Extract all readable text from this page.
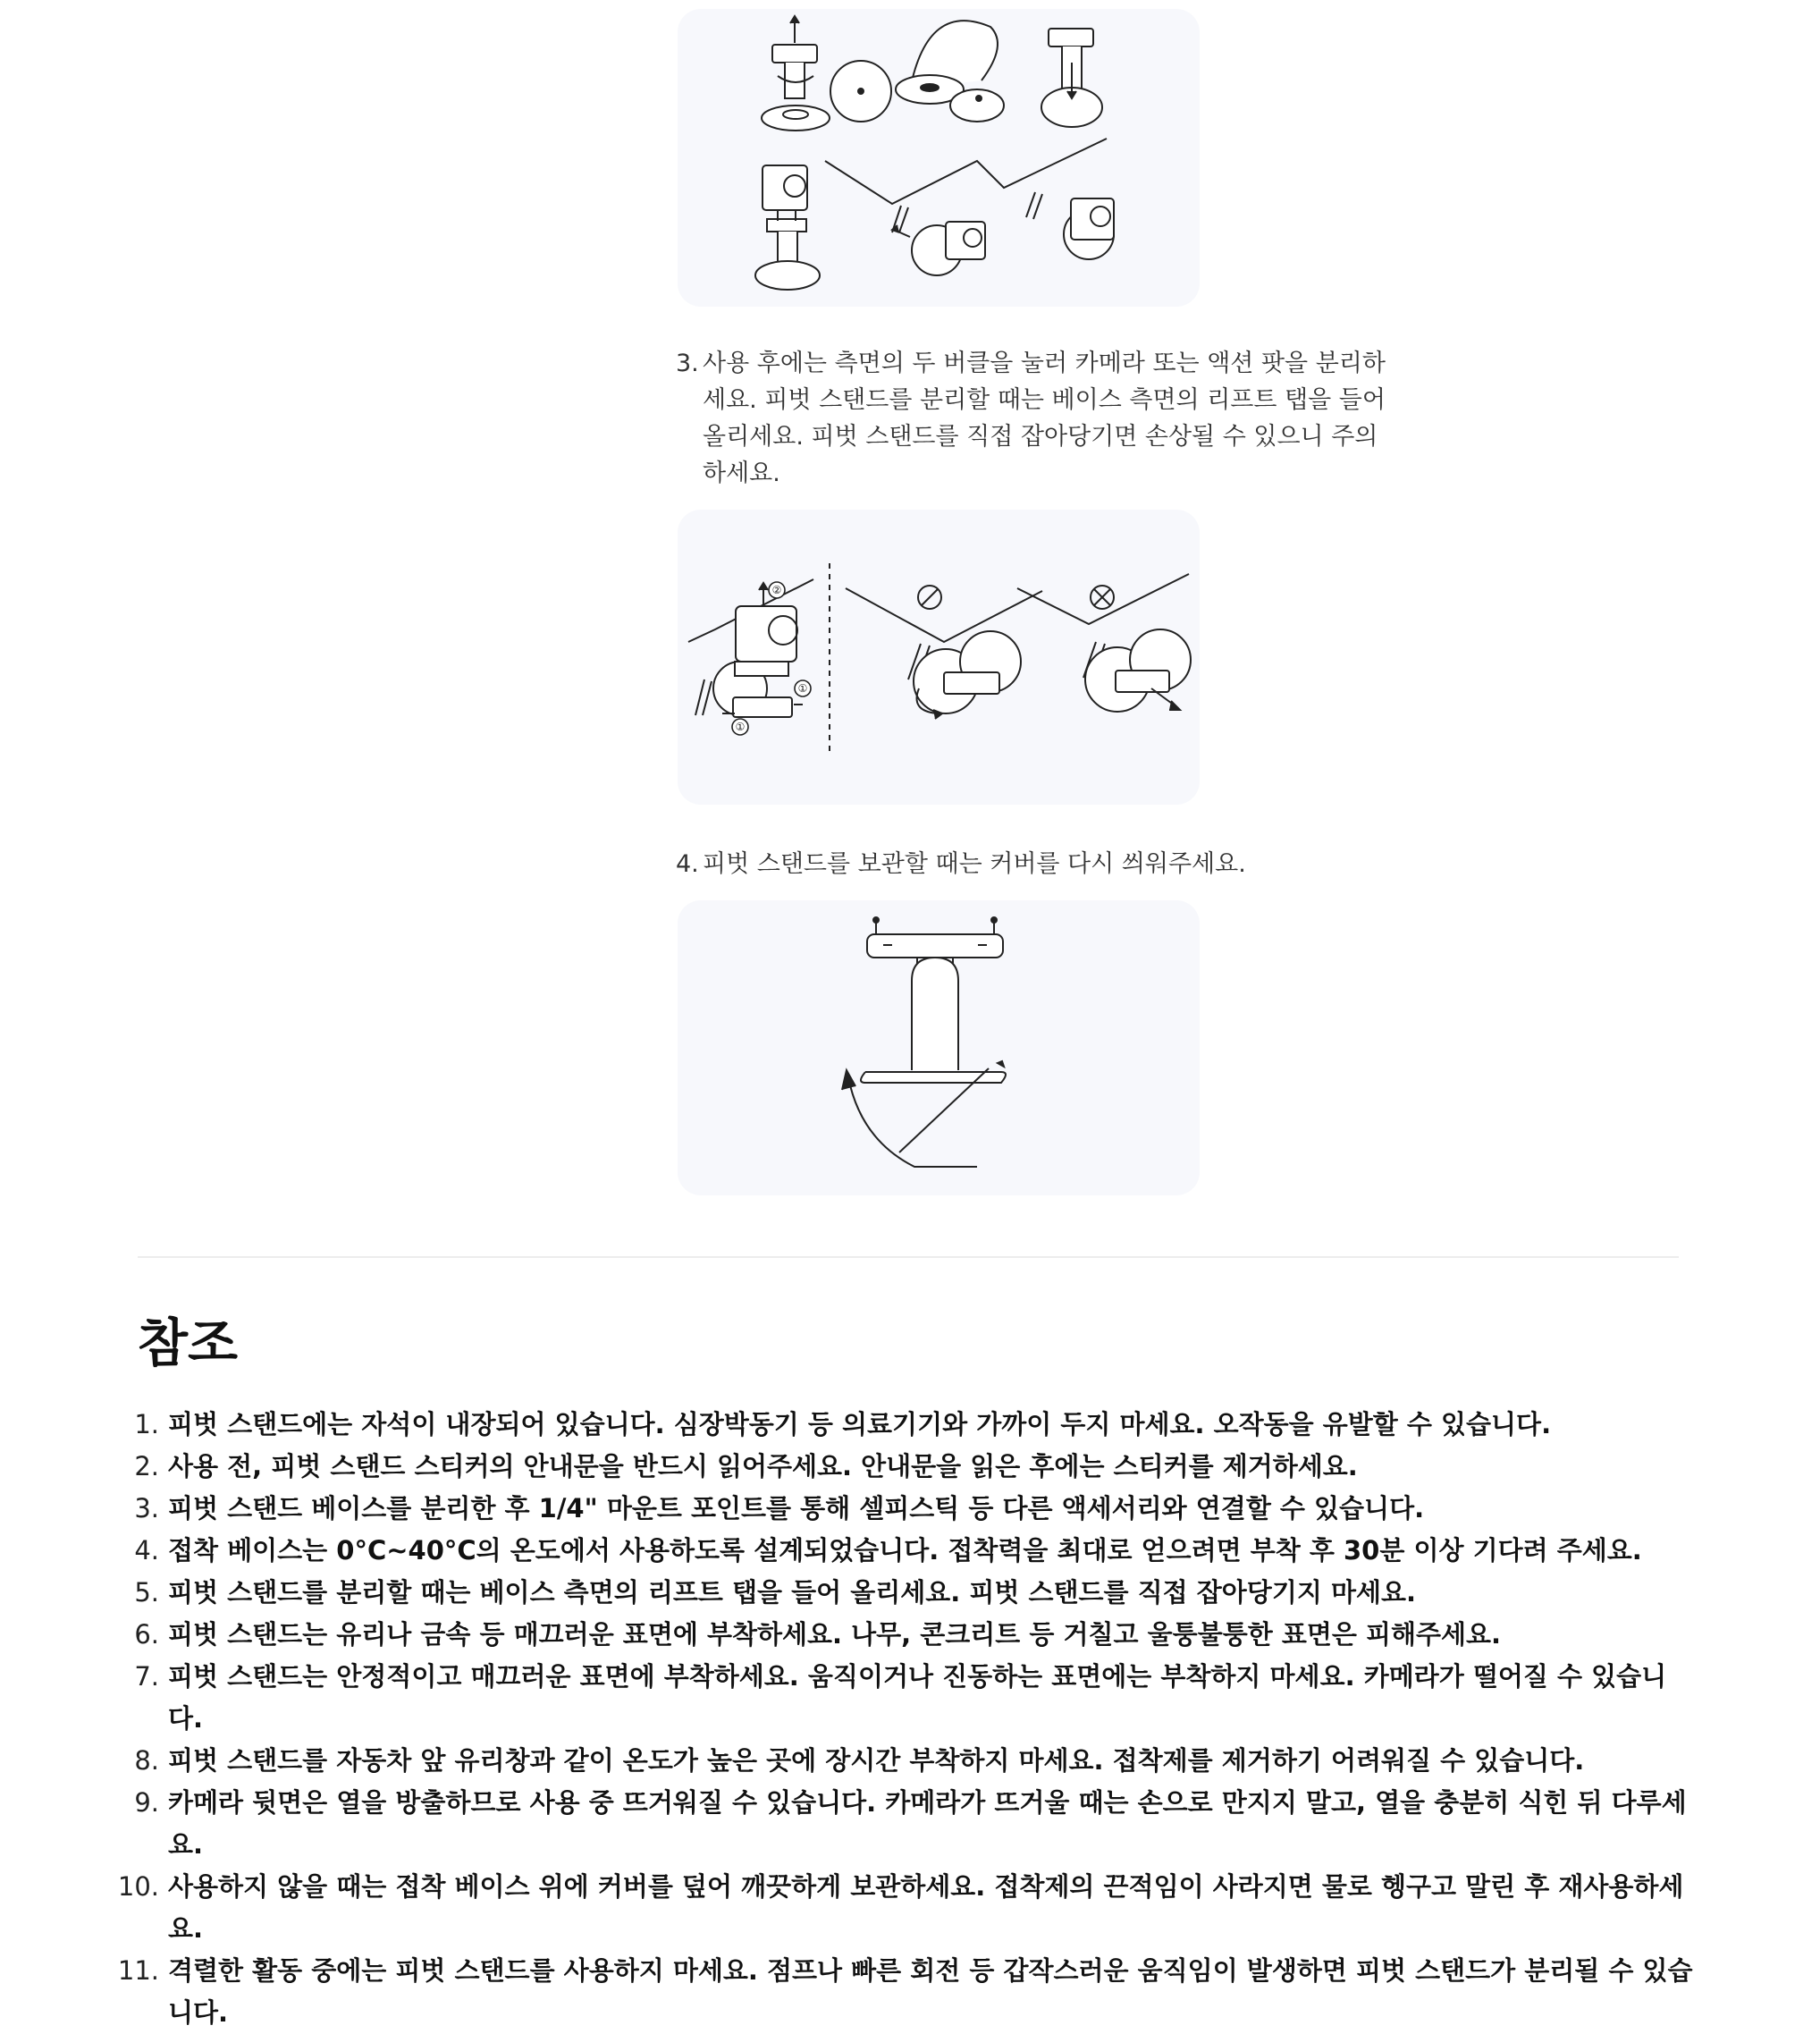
3. 사용 후에는 측면의 두 버클을 눌러 카메라 또는 액션 팟을 분리하세요. 피벗 스탠드를 분리할 때는 베이스 측면의 리프트 탭을 들어 올리세요. 피벗 스탠드를 직접 잡아당기면 손상될 수 있으니 주의하세요.
②
①
①
4. 피벗 스탠드를 보관할 때는 커버를 다시 씌워주세요.
참조
1. 피벗 스탠드에는 자석이 내장되어 있습니다. 심장박동기 등 의료기기와 가까이 두지 마세요. 오작동을 유발할 수 있습니다.
2. 사용 전, 피벗 스탠드 스티커의 안내문을 반드시 읽어주세요. 안내문을 읽은 후에는 스티커를 제거하세요.
3. 피벗 스탠드 베이스를 분리한 후 1/4" 마운트 포인트를 통해 셀피스틱 등 다른 액세서리와 연결할 수 있습니다.
4. 접착 베이스는 0°C~40°C의 온도에서 사용하도록 설계되었습니다. 접착력을 최대로 얻으려면 부착 후 30분 이상 기다려 주세요.
5. 피벗 스탠드를 분리할 때는 베이스 측면의 리프트 탭을 들어 올리세요. 피벗 스탠드를 직접 잡아당기지 마세요.
6. 피벗 스탠드는 유리나 금속 등 매끄러운 표면에 부착하세요. 나무, 콘크리트 등 거칠고 울퉁불퉁한 표면은 피해주세요.
7. 피벗 스탠드는 안정적이고 매끄러운 표면에 부착하세요. 움직이거나 진동하는 표면에는 부착하지 마세요. 카메라가 떨어질 수 있습니다.
8. 피벗 스탠드를 자동차 앞 유리창과 같이 온도가 높은 곳에 장시간 부착하지 마세요. 접착제를 제거하기 어려워질 수 있습니다.
9. 카메라 뒷면은 열을 방출하므로 사용 중 뜨거워질 수 있습니다. 카메라가 뜨거울 때는 손으로 만지지 말고, 열을 충분히 식힌 뒤 다루세요.
10. 사용하지 않을 때는 접착 베이스 위에 커버를 덮어 깨끗하게 보관하세요. 접착제의 끈적임이 사라지면 물로 헹구고 말린 후 재사용하세요.
11. 격렬한 활동 중에는 피벗 스탠드를 사용하지 마세요. 점프나 빠른 회전 등 갑작스러운 움직임이 발생하면 피벗 스탠드가 분리될 수 있습니다.
